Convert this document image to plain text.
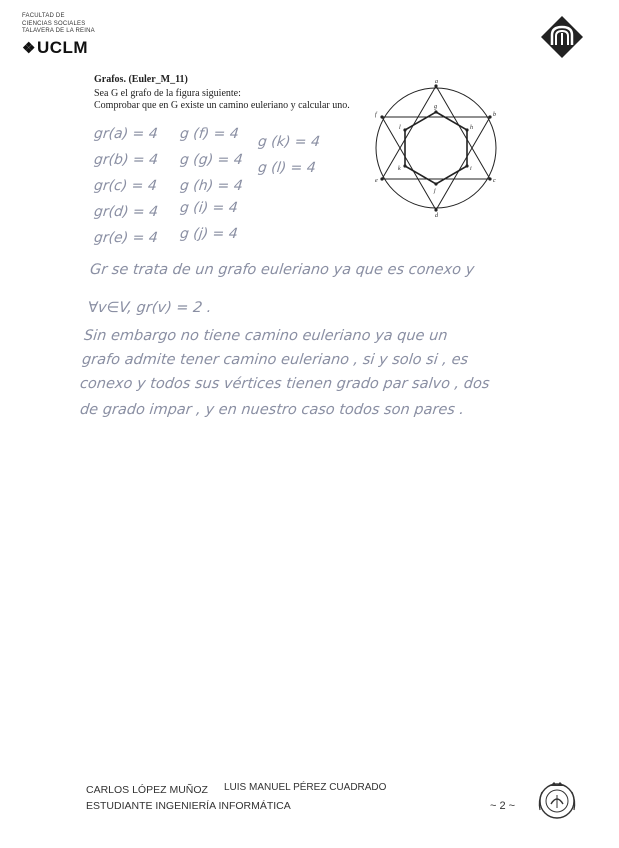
FACULTAD DE
CIENCIAS SOCIALES
TALAVERA DE LA REINA
❖UCLM
Grafos. (Euler_M_11)
Sea G el grafo de la figura siguiente:
Comprobar que en G existe un camino euleriano y calcular uno.
a
b
c
d
e
f
g
h
i
j
k
l
gr(a) = 4
gr(b) = 4
gr(c) = 4
gr(d) = 4
gr(e) = 4
g (f) = 4
g (g) = 4
g (h) = 4
g (i) = 4
g (j) = 4
g (k) = 4
g (l) = 4
Gr se trata de un grafo euleriano ya que es conexo y
∀v∈V, gr(v) = 2 .
Sin embargo no tiene camino euleriano ya que un
grafo admite tener camino euleriano , si y solo si , es
conexo y todos sus vértices tienen grado par salvo , dos
de grado impar , y en nuestro caso todos son pares .
CARLOS LÓPEZ MUÑOZ LUIS MANUEL PÉREZ CUADRADO
ESTUDIANTE INGENIERÍA INFORMÁTICA	~ 2 ~
